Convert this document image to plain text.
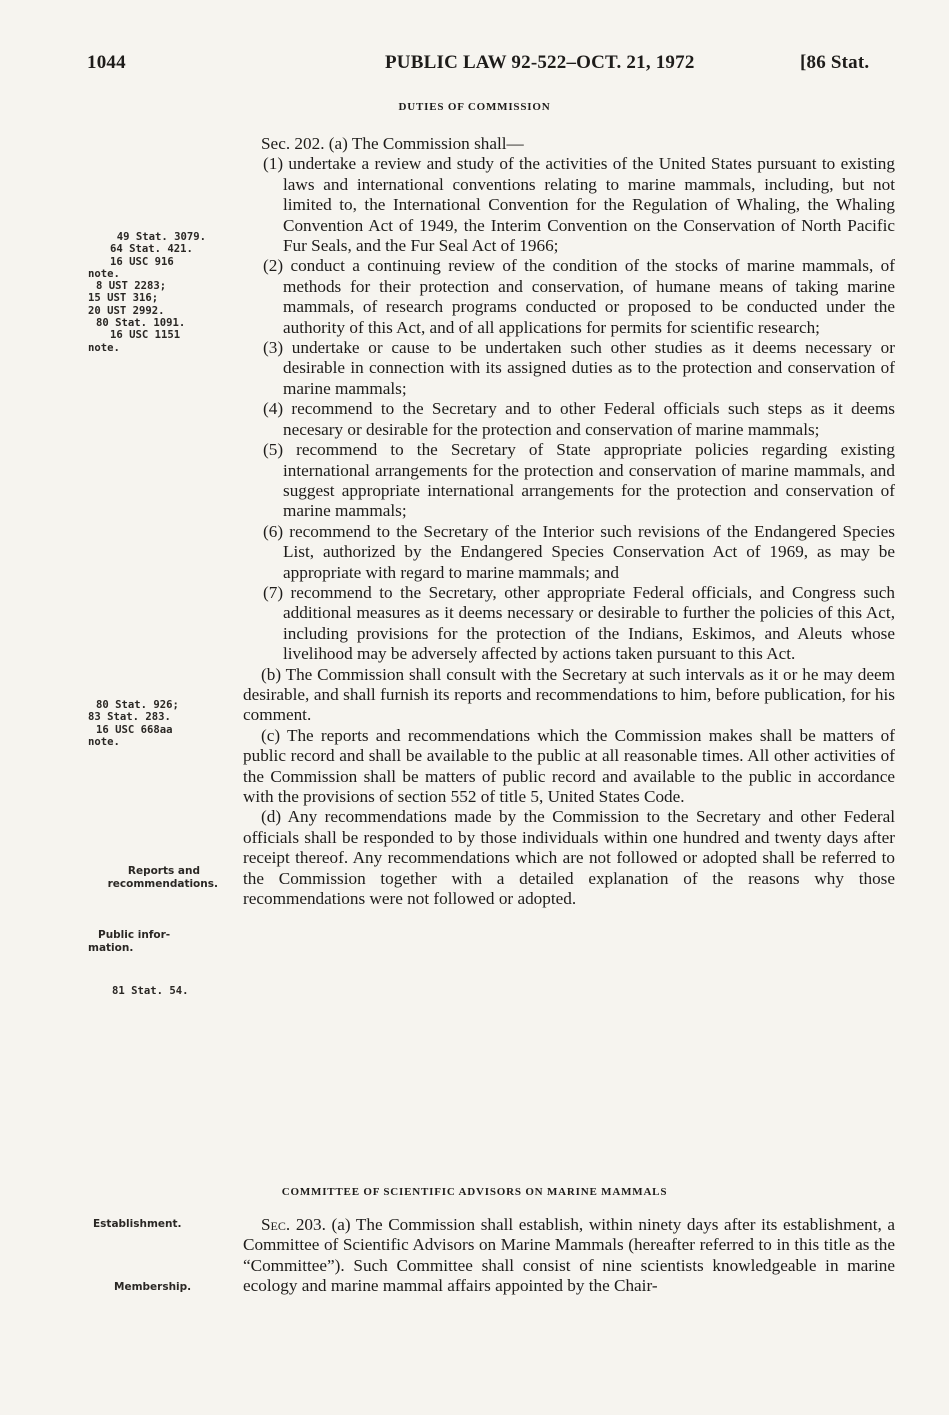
1044	PUBLIC LAW 92-522–OCT. 21, 1972	[86 Stat.
DUTIES OF COMMISSION

Sec. 202. (a) The Commission shall—

(1) undertake a review and study of the activities of the United States pursuant to existing laws and international conventions relating to marine mammals, including, but not limited to, the International Convention for the Regulation of Whaling, the Whaling Convention Act of 1949, the Interim Convention on the Conservation of North Pacific Fur Seals, and the Fur Seal Act of 1966;

(2) conduct a continuing review of the condition of the stocks of marine mammals, of methods for their protection and conservation, of humane means of taking marine mammals, of research programs conducted or proposed to be conducted under the authority of this Act, and of all applications for permits for scientific research;

(3) undertake or cause to be undertaken such other studies as it deems necessary or desirable in connection with its assigned duties as to the protection and conservation of marine mammals;

(4) recommend to the Secretary and to other Federal officials such steps as it deems necesary or desirable for the protection and conservation of marine mammals;

(5) recommend to the Secretary of State appropriate policies regarding existing international arrangements for the protection and conservation of marine mammals, and suggest appropriate international arrangements for the protection and conservation of marine mammals;

(6) recommend to the Secretary of the Interior such revisions of the Endangered Species List, authorized by the Endangered Species Conservation Act of 1969, as may be appropriate with regard to marine mammals; and

(7) recommend to the Secretary, other appropriate Federal officials, and Congress such additional measures as it deems necessary or desirable to further the policies of this Act, including provisions for the protection of the Indians, Eskimos, and Aleuts whose livelihood may be adversely affected by actions taken pursuant to this Act.

(b) The Commission shall consult with the Secretary at such intervals as it or he may deem desirable, and shall furnish its reports and recommendations to him, before publication, for his comment.

(c) The reports and recommendations which the Commission makes shall be matters of public record and shall be available to the public at all reasonable times. All other activities of the Commission shall be matters of public record and available to the public in accordance with the provisions of section 552 of title 5, United States Code.

(d) Any recommendations made by the Commission to the Secretary and other Federal officials shall be responded to by those individuals within one hundred and twenty days after receipt thereof. Any recommendations which are not followed or adopted shall be referred to the Commission together with a detailed explanation of the reasons why those recommendations were not followed or adopted.

COMMITTEE OF SCIENTIFIC ADVISORS ON MARINE MAMMALS

Sec. 203. (a) The Commission shall establish, within ninety days after its establishment, a Committee of Scientific Advisors on Marine Mammals (hereafter referred to in this title as the “Committee”). Such Committee shall consist of nine scientists knowledgeable in marine ecology and marine mammal affairs appointed by the Chair-

49 Stat. 3079.
64 Stat. 421.
16 USC 916
note.
8 UST 2283;
15 UST 316;
20 UST 2992.
80 Stat. 1091.
16 USC 1151
note.
80 Stat. 926;
83 Stat. 283.
16 USC 668aa
note.
Reports and
recommendations.
Public infor-
mation.
81 Stat. 54.
Establishment.
Membership.
